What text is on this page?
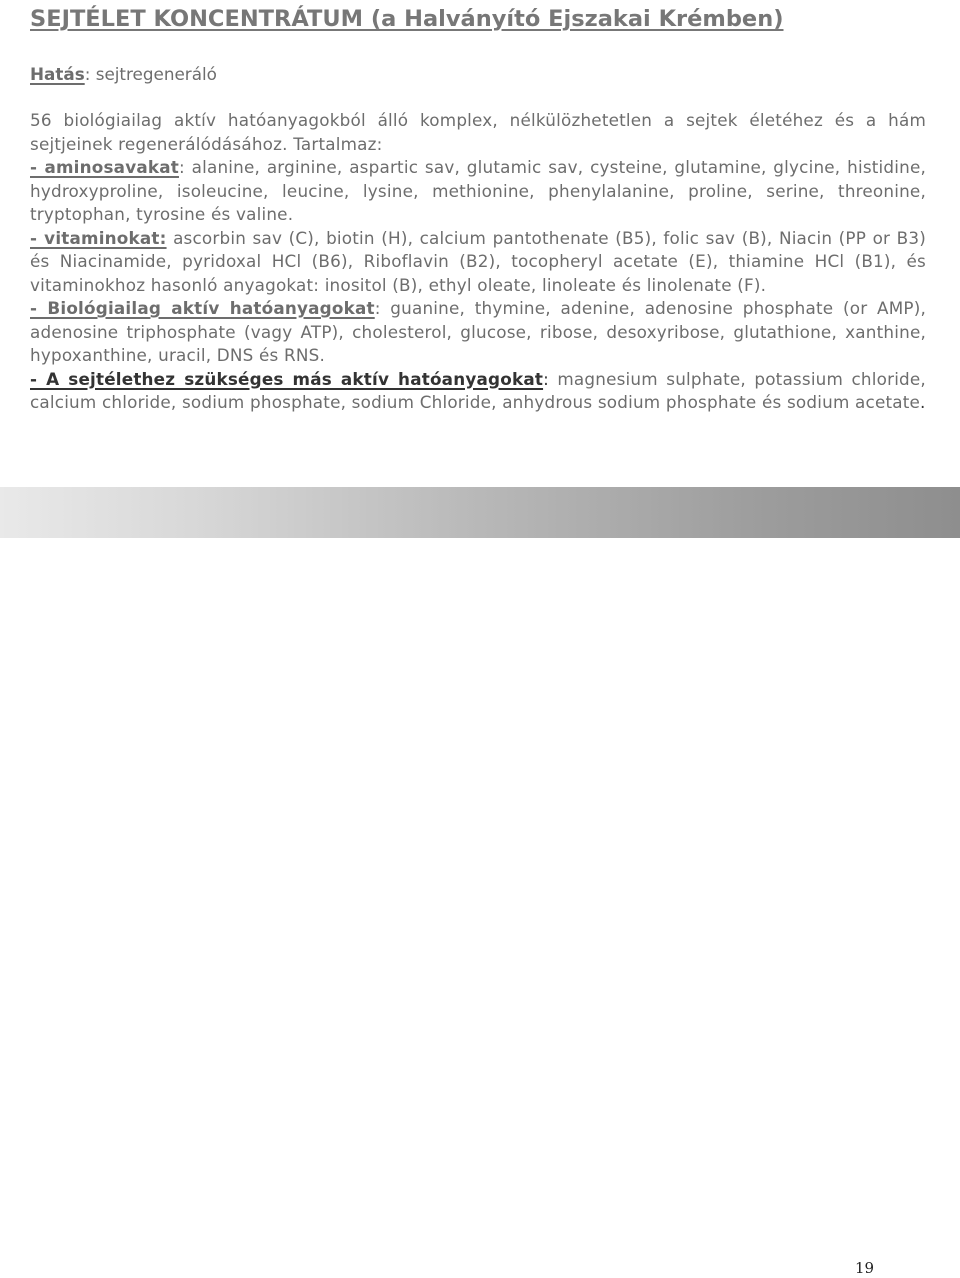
SEJTÉLET KONCENTRÁTUM (a Halványító Ejszakai Krémben)
Hatás: sejtregeneráló

56 biológiailag aktív hatóanyagokból álló komplex, nélkülözhetetlen a sejtek életéhez és a hám sejtjeinek regenerálódásához. Tartalmaz:

- aminosavakat: alanine, arginine, aspartic sav, glutamic sav, cysteine, glutamine, glycine, histidine, hydroxyproline, isoleucine, leucine, lysine, methionine, phenylalanine, proline, serine, threonine, tryptophan, tyrosine és valine.

- vitaminokat: ascorbin sav (C), biotin (H), calcium pantothenate (B5), folic sav (B), Niacin (PP or B3) és Niacinamide, pyridoxal HCl (B6), Riboflavin (B2), tocopheryl acetate (E), thiamine HCl (B1), és vitaminokhoz hasonló anyagokat: inositol (B), ethyl oleate, linoleate és linolenate (F).

- Biológiailag aktív hatóanyagokat: guanine, thymine, adenine, adenosine phosphate (or AMP), adenosine triphosphate (vagy ATP), cholesterol, glucose, ribose, desoxyribose, glutathione, xanthine, hypoxanthine, uracil, DNS és RNS.

- A sejtélethez szükséges más aktív hatóanyagokat: magnesium sulphate, potassium chloride, calcium chloride, sodium phosphate, sodium Chloride, anhydrous sodium phosphate és sodium acetate.

19
